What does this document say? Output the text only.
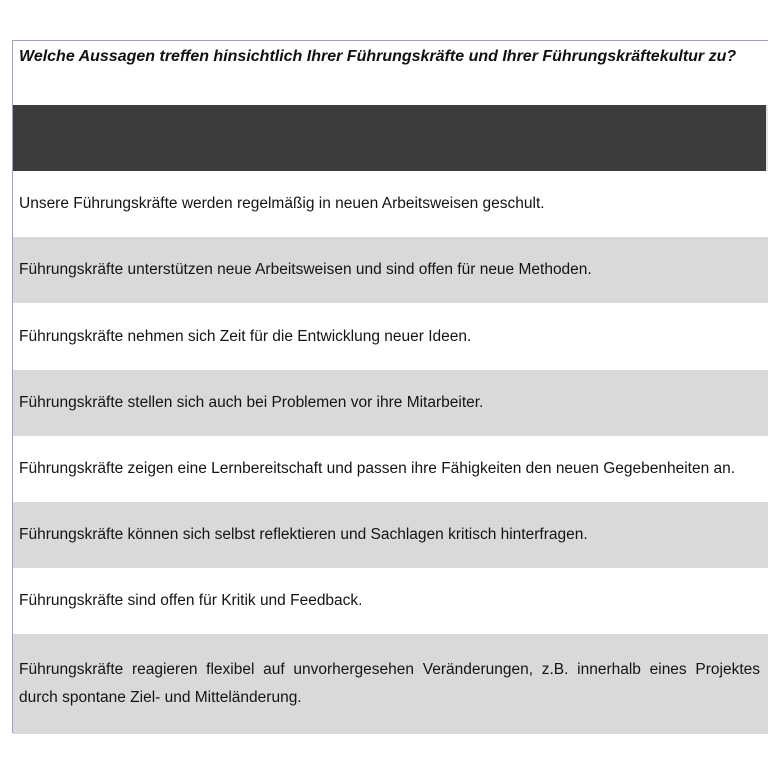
Welche Aussagen treffen hinsichtlich Ihrer Führungskräfte und Ihrer Führungskräftekultur zu?
Unsere Führungskräfte werden regelmäßig in neuen Arbeitsweisen geschult.
Führungskräfte unterstützen neue Arbeitsweisen und sind offen für neue Methoden.
Führungskräfte nehmen sich Zeit für die Entwicklung neuer Ideen.
Führungskräfte stellen sich auch bei Problemen vor ihre Mitarbeiter.
Führungskräfte zeigen eine Lernbereitschaft und passen ihre Fähigkeiten den neuen Gegebenheiten an.
Führungskräfte können sich selbst reflektieren und Sachlagen kritisch hinterfragen.
Führungskräfte sind offen für Kritik und Feedback.
Führungskräfte reagieren flexibel auf unvorhergesehen Veränderungen, z.B. innerhalb eines Projektes durch spontane Ziel- und Mitteländerung.
